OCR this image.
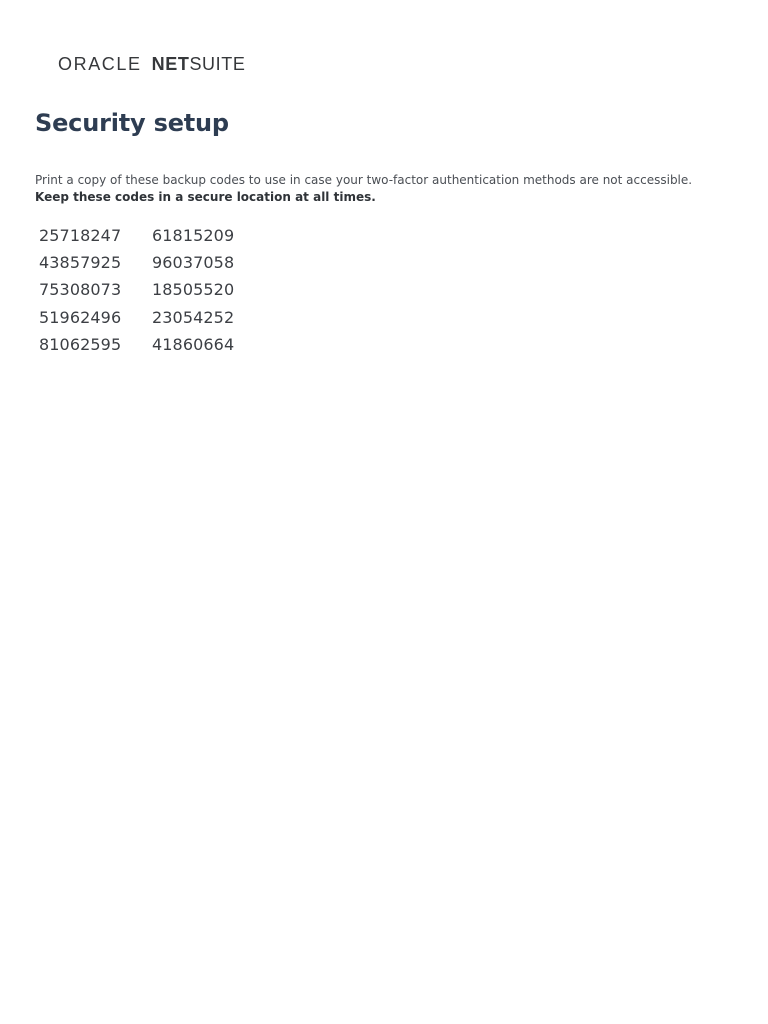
ORACLE NET SUITE
Security setup
Print a copy of these backup codes to use in case your two-factor authentication methods are not accessible.
Keep these codes in a secure location at all times.
25718247	61815209
43857925	96037058
75308073	18505520
51962496	23054252
81062595	41860664
